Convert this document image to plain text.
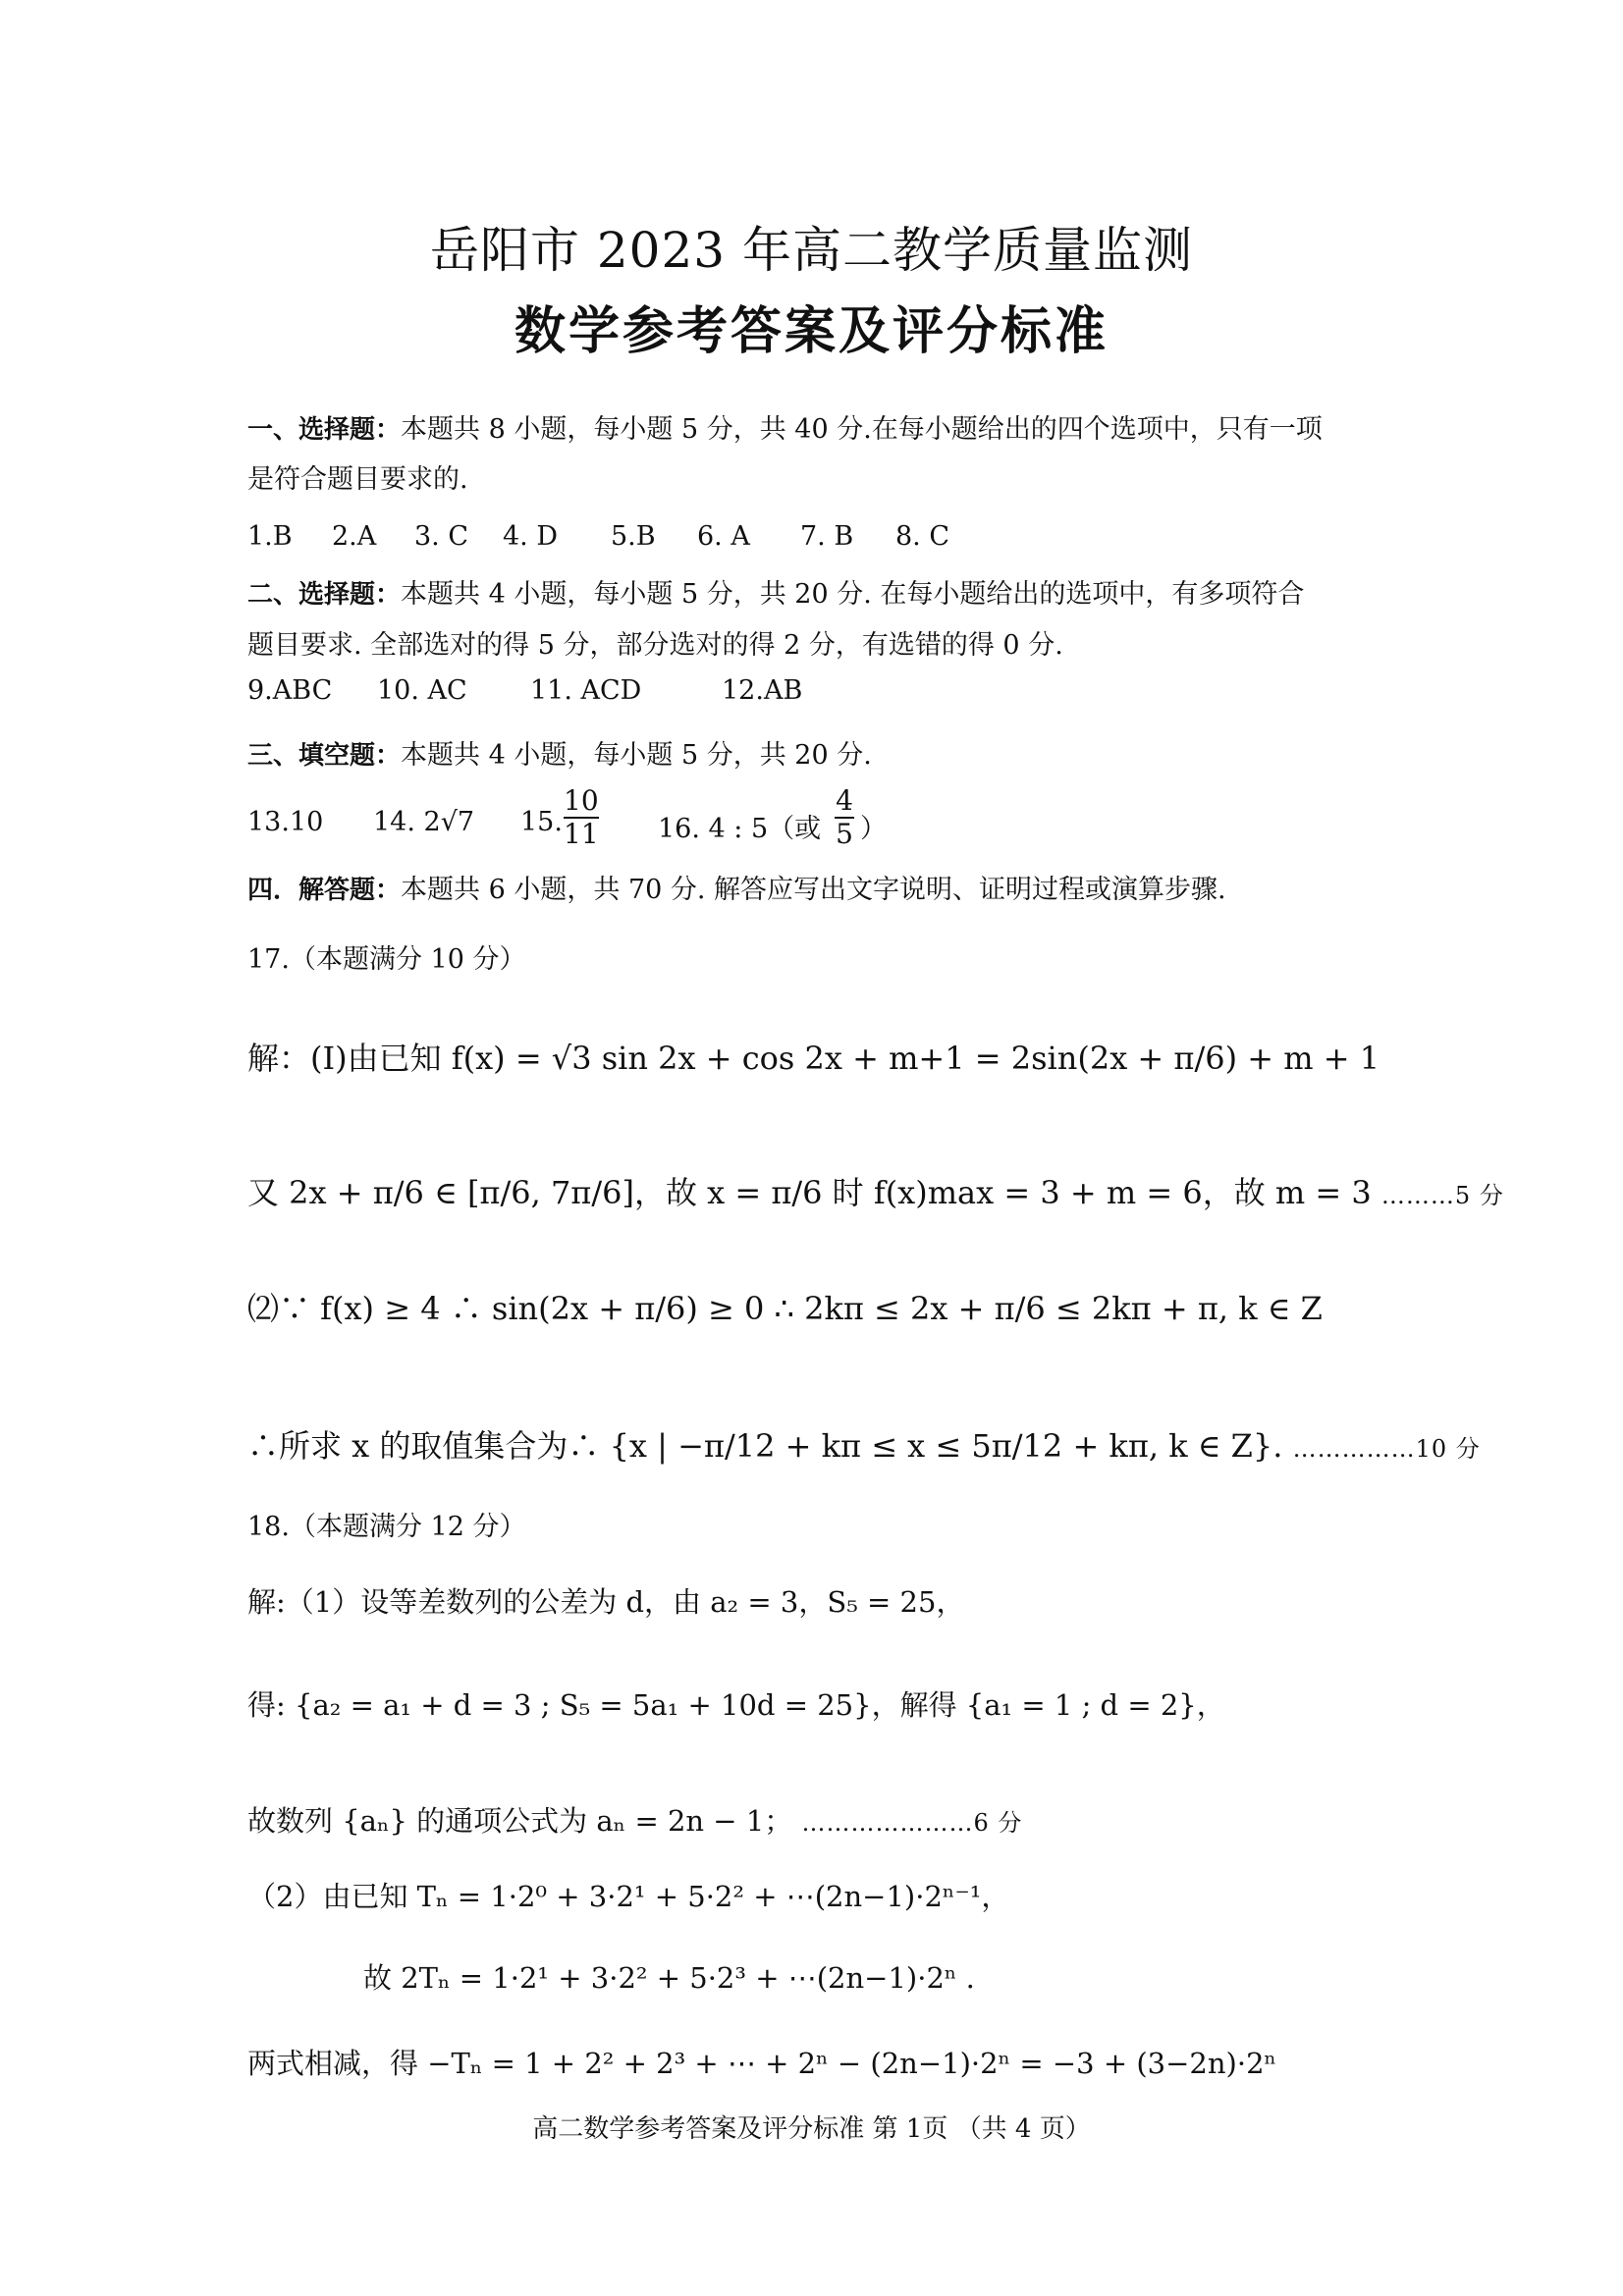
岳阳市 2023 年高二教学质量监测
数学参考答案及评分标准
一、选择题：本题共 8 小题，每小题 5 分，共 40 分.在每小题给出的四个选项中，只有一项
是符合题目要求的.
1.B 2.A 3. C 4. D 5.B 6. A 7. B 8. C
二、选择题：本题共 4 小题，每小题 5 分，共 20 分. 在每小题给出的选项中，有多项符合
题目要求. 全部选对的得 5 分，部分选对的得 2 分，有选错的得 0 分.
9.ABC 10. AC 11. ACD	12.AB
三、填空题：本题共 4 小题，每小题 5 分，共 20 分.
13.10 14. 2√7 15. $\frac{10}{11} 16$. 4 : 5（或 $\frac{4}{5}$ ）
四．解答题：本题共 6 小题，共 70 分. 解答应写出文字说明、证明过程或演算步骤.
17.（本题满分 10 分）
解：(Ⅰ)由已知 f(x) = √3 sin 2x + cos 2x + m+1 = 2sin(2x + π/6) + m + 1
又 2x + π/6 ∈ [π/6, 7π/6]，故 x = π/6 时 f(x)max = 3 + m = 6，故 m = 3 ………5 分
⑵∵ f(x) ≥ 4 ∴ sin(2x + π/6) ≥ 0 ∴ 2kπ ≤ 2x + π/6 ≤ 2kπ + π, k ∈ Z
∴所求 x 的取值集合为∴ {x | −π/12 + kπ ≤ x ≤ 5π/12 + kπ, k ∈ Z}. ……………10 分
18.（本题满分 12 分）
解:（1）设等差数列的公差为 d，由 a₂ = 3，S₅ = 25，
得: {a₂ = a₁ + d = 3 ; S₅ = 5a₁ + 10d = 25}，解得 {a₁ = 1 ; d = 2}，
故数列 {aₙ} 的通项公式为 aₙ = 2n − 1； …………………6 分
（2）由已知 Tₙ = 1·2⁰ + 3·2¹ + 5·2² + ⋯(2n−1)·2ⁿ⁻¹，
故 2Tₙ = 1·2¹ + 3·2² + 5·2³ + ⋯(2n−1)·2ⁿ .
两式相减，得 −Tₙ = 1 + 2² + 2³ + ⋯ + 2ⁿ − (2n−1)·2ⁿ = −3 + (3−2n)·2ⁿ
高二数学参考答案及评分标准 第 1页 （共 4 页）
